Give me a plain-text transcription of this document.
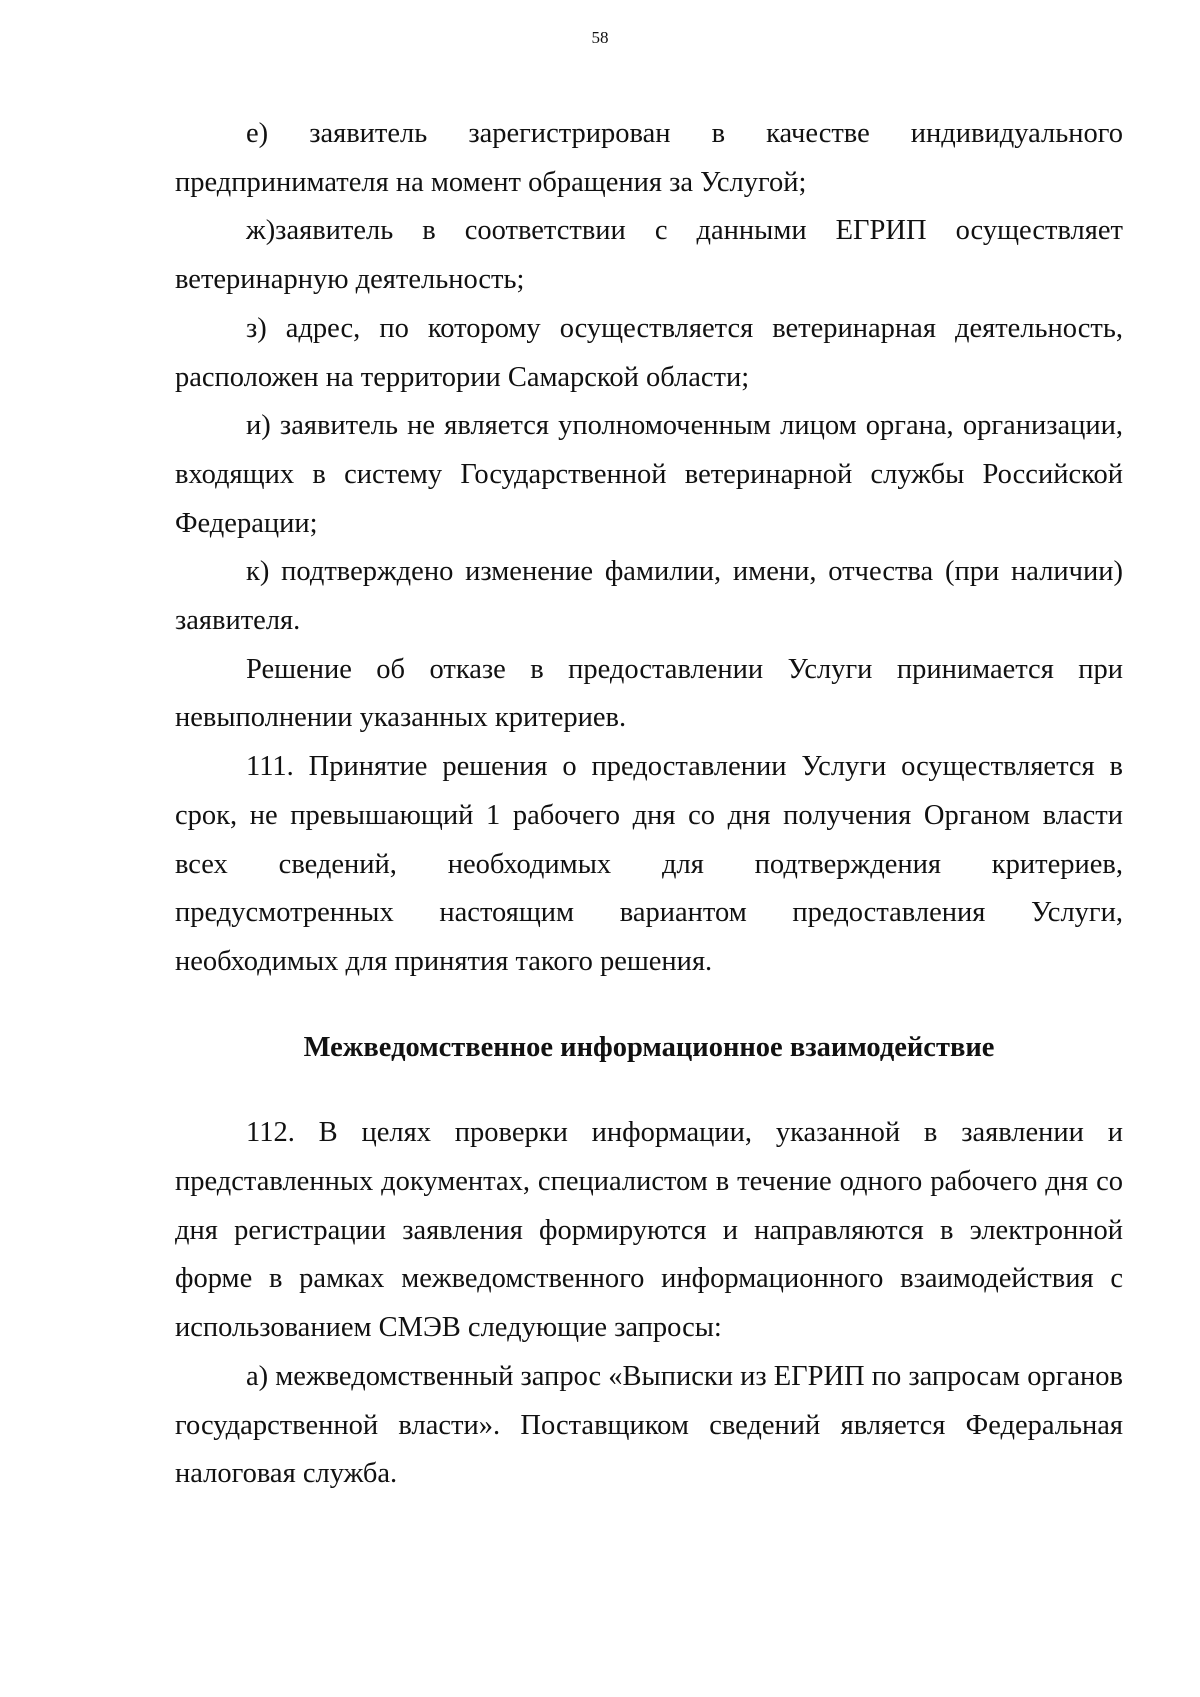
58

е) заявитель зарегистрирован в качестве индивидуального предпринимателя на момент обращения за Услугой;

ж)заявитель в соответствии с данными ЕГРИП осуществляет ветеринарную деятельность;

з) адрес, по которому осуществляется ветеринарная деятельность, расположен на территории Самарской области;

и) заявитель не является уполномоченным лицом органа, организации, входящих в систему Государственной ветеринарной службы Российской Федерации;

к) подтверждено изменение фамилии, имени, отчества (при наличии) заявителя.

Решение об отказе в предоставлении Услуги принимается при невыполнении указанных критериев.

111. Принятие решения о предоставлении Услуги осуществляется в срок, не превышающий 1 рабочего дня со дня получения Органом власти всех сведений, необходимых для подтверждения критериев, предусмотренных настоящим вариантом предоставления Услуги, необходимых для принятия такого решения.

Межведомственное информационное взаимодействие

112. В целях проверки информации, указанной в заявлении и представленных документах, специалистом в течение одного рабочего дня со дня регистрации заявления формируются и направляются в электронной форме в рамках межведомственного информационного взаимодействия с использованием СМЭВ следующие запросы:

а) межведомственный запрос «Выписки из ЕГРИП по запросам органов государственной власти». Поставщиком сведений является Федеральная налоговая служба.
